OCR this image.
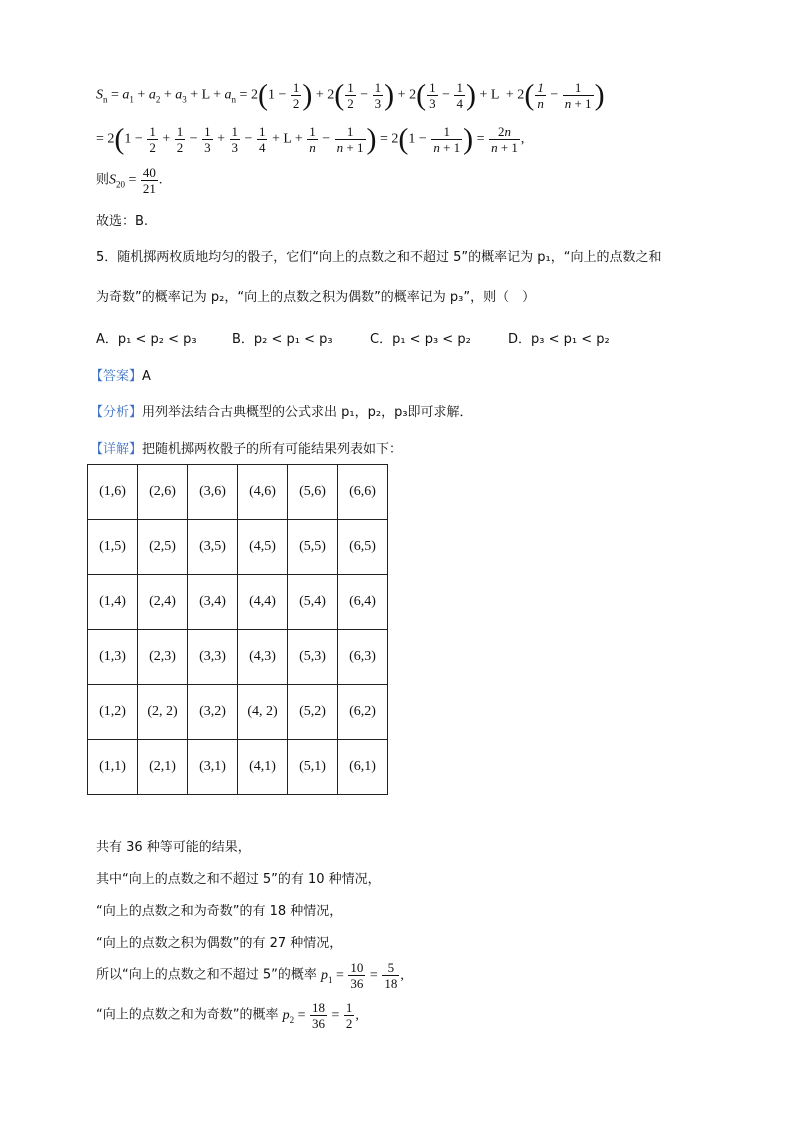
$S_n = a_1 + a_2 + a_3 + L + a_n = 2(1 - \frac{1}{2}$ ) + $2( \frac{1}{2} - \frac{1}{3}$ ) + $2( \frac{1}{3} - \frac{1}{4}$ ) + $L + 2( \frac{1}{n} - \frac{1}{n + 1}$ )
= $2(1 - \frac{1}{2} + \frac{1}{2} - \frac{1}{3} + \frac{1}{3} - \frac{1}{4} + L + \frac{1}{n} - \frac{1}{n + 1}$ ) = $2(1 - \frac{1}{n + 1}$ ) = $\frac{2n}{n + 1}$ ,
则$S_{20} = \frac{40}{21}$ .
故选：B.
5．随机掷两枚质地均匀的骰子，它们“向上的点数之和不超过 5”的概率记为 p₁，“向上的点数之和
为奇数”的概率记为 p₂，“向上的点数之积为偶数”的概率记为 p₃”，则（　）
A．p₁ < p₂ < p₃	B．p₂ < p₁ < p₃	C．p₁ < p₃ < p₂	D．p₃ < p₁ < p₂
【答案】A
【分析】用列举法结合古典概型的公式求出 p₁，p₂，p₃即可求解．
【详解】把随机掷两枚骰子的所有可能结果列表如下：
(1,6)	(2,6)	(3,6)	(4,6)	(5,6)	(6,6)
(1,5)	(2,5)	(3,5)	(4,5)	(5,5)	(6,5)
(1,4)	(2,4)	(3,4)	(4,4)	(5,4)	(6,4)
(1,3)	(2,3)	(3,3)	(4,3)	(5,3)	(6,3)
(1,2)	(2, 2)	(3,2)	(4, 2)	(5,2)	(6,2)
(1,1)	(2,1)	(3,1)	(4,1)	(5,1)	(6,1)
共有 36 种等可能的结果，
其中“向上的点数之和不超过 5”的有 10 种情况，
“向上的点数之和为奇数”的有 18 种情况，
“向上的点数之积为偶数”的有 27 种情况，
所以“向上的点数之和不超过 5”的概率 $p_1 = \frac{10}{36} = \frac{5}{18}$ ,
“向上的点数之和为奇数”的概率 $p_2 = \frac{18}{36} = \frac{1}{2}$ ,
